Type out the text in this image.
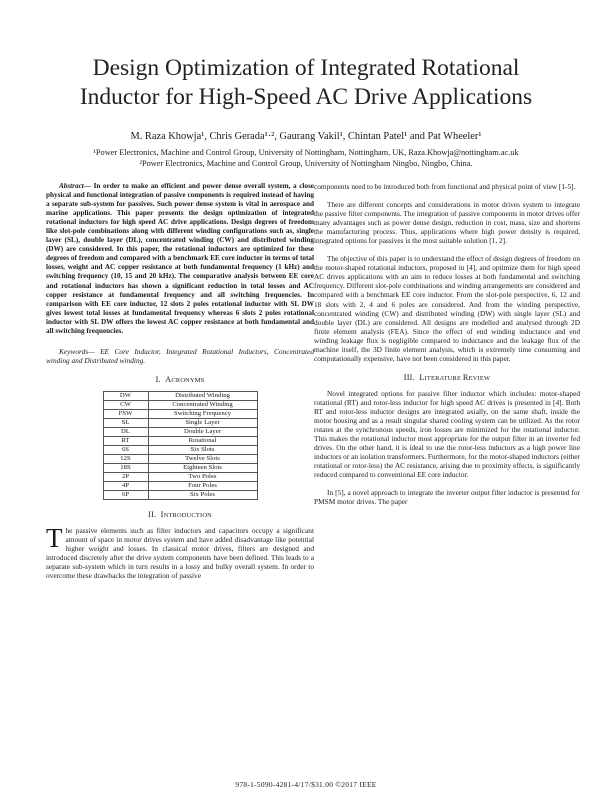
Design Optimization of Integrated Rotational
Inductor for High-Speed AC Drive Applications
M. Raza Khowja¹, Chris Gerada¹·², Gaurang Vakil¹, Chintan Patel¹ and Pat Wheeler¹
¹Power Electronics, Machine and Control Group, University of Nottingham, Nottingham, UK, Raza.Khowja@nottingham.ac.uk
²Power Electronics, Machine and Control Group, University of Nottingham Ningbo, Ningbo, China.

Abstract— In order to make an efficient and power dense overall system, a close physical and functional integration of passive components is required instead of having a separate sub-system for passives. Such power dense system is vital in aerospace and marine applications. This paper presents the design optimization of integrated rotational inductors for high speed AC drive applications. Design degrees of freedom like slot-pole combinations along with different winding configurations such as, single layer (SL), double layer (DL), concentrated winding (CW) and distributed winding (DW) are considered. In this paper, the rotational inductors are optimized for these degrees of freedom and compared with a benchmark EE core inductor in terms of total losses, weight and AC copper resistance at both fundamental frequency (1 kHz) and switching frequency (10, 15 and 20 kHz). The comparative analysis between EE core and rotational inductors has shown a significant reduction in total losses and AC copper resistance at fundamental frequency and all switching frequencies. In comparison with EE core inductor, 12 slots 2 poles rotational inductor with SL DW gives lowest total losses at fundamental frequency whereas 6 slots 2 poles rotational inductor with SL DW offers the lowest AC copper resistance at both fundamental and all switching frequencies.

Keywords— EE Core Inductor, Integrated Rotational Inductors, Concentrated winding and Distributed winding.

I. ACRONYMS
DW	Distributed Winding
CW	Concentrated Winding
FSW	Switching Frequency
SL	Single Layer
DL	Double Layer
RT	Rotational
6S	Six Slots
12S	Twelve Slots
18S	Eighteen Slots
2P	Two Poles
4P	Four Poles
6P	Six Poles
II. INTRODUCTION
The passive elements such as filter inductors and capacitors occupy a significant amount of space in motor drives system and have added disadvantage like potential higher weight and losses. In classical motor drives, filters are designed and introduced discretely after the drive system components have been defined. This leads to a separate sub-system which in turn results in a lossy and bulky overall system. In order to overcome these drawbacks the integration of passive

components need to be introduced both from functional and physical point of view [1-5].

There are different concepts and considerations in motor drives system to integrate the passive filter components. The integration of passive components in motor drives offer many advantages such as power dense design, reduction in cost, mass, size and shortens the manufacturing process. Thus, applications where high power density is required, integrated options for passives is the most suitable solution [1, 2].

The objective of this paper is to understand the effect of design degrees of freedom on the motor-shaped rotational inductors, proposed in [4], and optimize them for high speed AC drives applications with an aim to reduce losses at both fundamental and switching frequency. Different slot-pole combinations and winding arrangements are considered and compared with a benchmark EE core inductor. From the slot-pole perspective, 6, 12 and 18 slots with 2, 4 and 6 poles are considered. And from the winding perspective, concentrated winding (CW) and distributed winding (DW) with single layer (SL) and double layer (DL) are considered. All designs are modelled and analysed through 2D finite element analysis (FEA). Since the effect of end winding inductance and end winding leakage flux is negligible compared to inductance and the leakage flux of the machine itself, the 3D finite element analysis, which is extremely time consuming and computationally expensive, have not been considered in this paper.

III. LITERATURE REVIEW

Novel integrated options for passive filter inductor which includes: motor-shaped rotational (RT) and rotor-less inductor for high speed AC drives is presented in [4]. Both RT and rotor-less inductor designs are integrated axially, on the same shaft, inside the motor housing and as a result singular shared cooling system can be utilized. As the rotor rotates at the synchronous speeds, iron losses are minimized for the rotational inductor. This makes the rotational inductor most appropriate for the output filter in an inverter fed drives. On the other hand, it is ideal to use the rotor-less inductors as a high power line inductors or an isolation transformers. Furthermore, for the motor-shaped inductors (either rotational or rotor-less) the AC resistance, arising due to proximity effects, is significantly reduced compared to conventional EE core inductor.

In [5], a novel approach to integrate the inverter output filter inductor is presented for PMSM motor drives. The paper

978-1-5090-4281-4/17/$31.00 ©2017 IEEE
